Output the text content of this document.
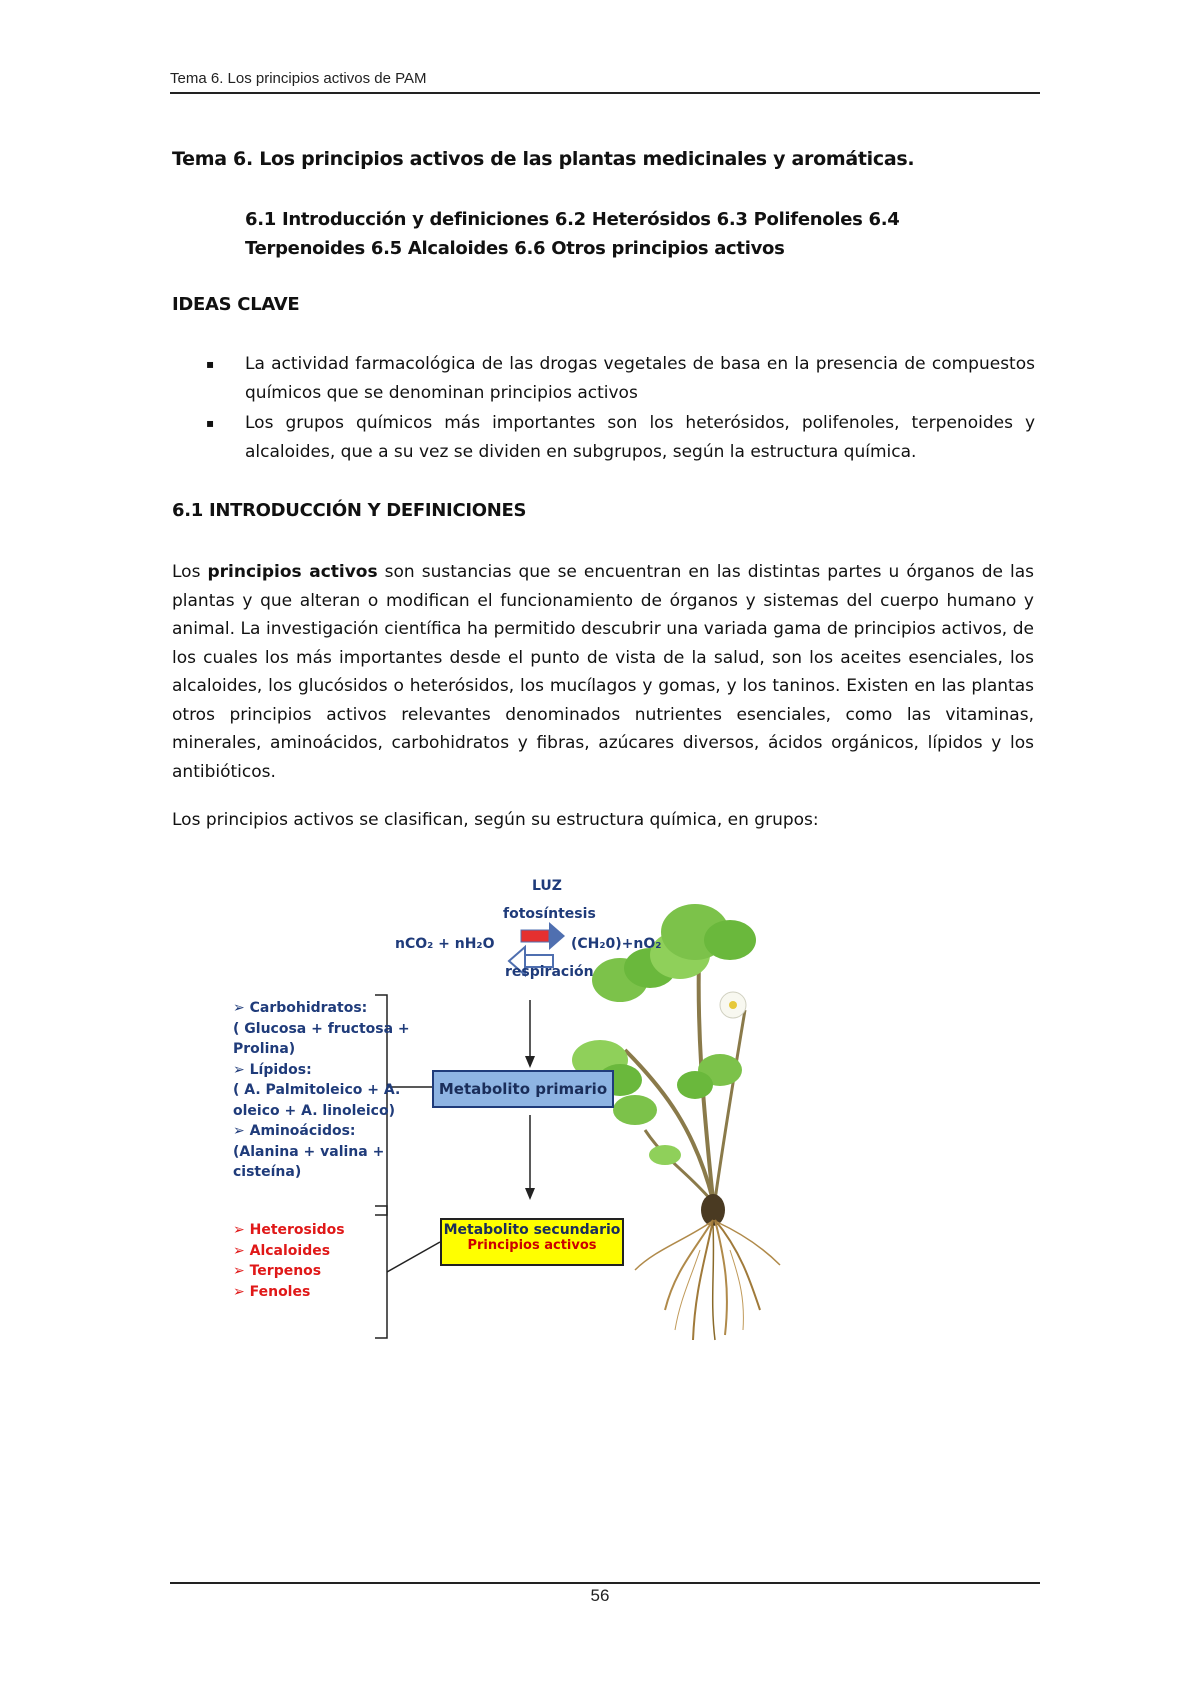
Tema 6. Los principios activos de PAM
Tema 6. Los principios activos de las plantas medicinales y aromáticas.
6.1 Introducción y definiciones 6.2 Heterósidos 6.3 Polifenoles 6.4 Terpenoides 6.5 Alcaloides 6.6 Otros principios activos
IDEAS CLAVE
▪ La actividad farmacológica de las drogas vegetales de basa en la presencia de compuestos químicos que se denominan principios activos
▪ Los grupos químicos más importantes son los heterósidos, polifenoles, terpenoides y alcaloides, que a su vez se dividen en subgrupos, según la estructura química.
6.1 INTRODUCCIÓN Y DEFINICIONES

Los principios activos son sustancias que se encuentran en las distintas partes u órganos de las plantas y que alteran o modifican el funcionamiento de órganos y sistemas del cuerpo humano y animal. La investigación científica ha permitido descubrir una variada gama de principios activos, de los cuales los más importantes desde el punto de vista de la salud, son los aceites esenciales, los alcaloides, los glucósidos o heterósidos, los mucílagos y gomas, y los taninos. Existen en las plantas otros principios activos relevantes denominados nutrientes esenciales, como las vitaminas, minerales, aminoácidos, carbohidratos y fibras, azúcares diversos, ácidos orgánicos, lípidos y los antibióticos.

Los principios activos se clasifican, según su estructura química, en grupos:

LUZ
fotosíntesis
nCO₂ + nH₂O	(CH₂0)+nO₂
respiración
Metabolito primario
Metabolito secundario
Principios activos
➢ Carbohidratos:
( Glucosa + fructosa +
Prolina)
➢ Lípidos:
( A. Palmitoleico + A.
oleico + A. linoleico)
➢ Aminoácidos:
(Alanina + valina +
cisteína)
➢ Heterosidos
➢ Alcaloides
➢ Terpenos
➢ Fenoles
56
